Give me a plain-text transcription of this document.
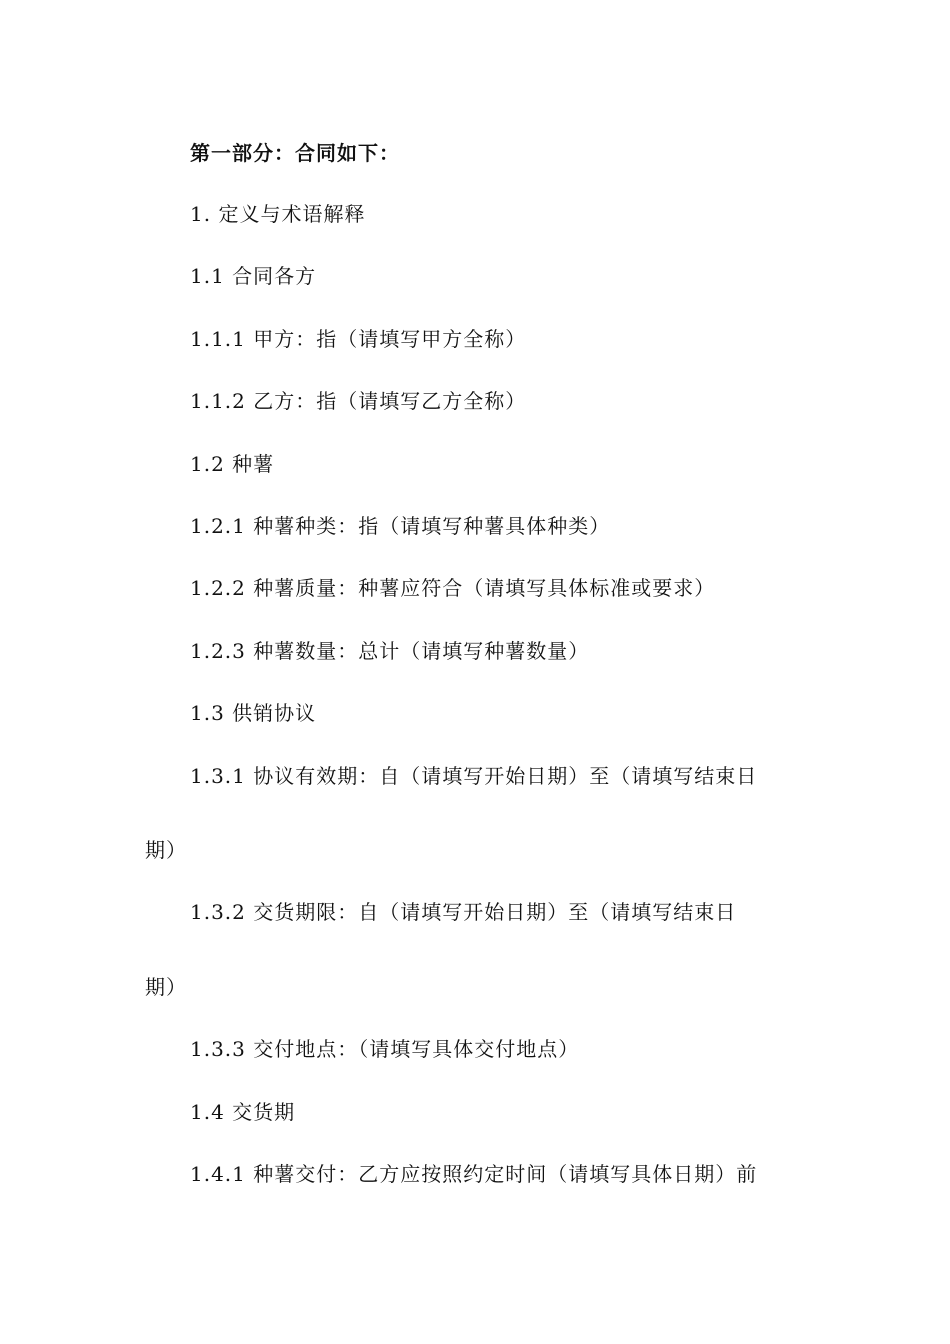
第一部分：合同如下：
1. 定义与术语解释
1.1 合同各方
1.1.1 甲方：指（请填写甲方全称）
1.1.2 乙方：指（请填写乙方全称）
1.2 种薯
1.2.1 种薯种类：指（请填写种薯具体种类）
1.2.2 种薯质量：种薯应符合（请填写具体标准或要求）
1.2.3 种薯数量：总计（请填写种薯数量）
1.3 供销协议
1.3.1 协议有效期：自（请填写开始日期）至（请填写结束日
期）
1.3.2 交货期限：自（请填写开始日期）至（请填写结束日
期）
1.3.3 交付地点：（请填写具体交付地点）
1.4 交货期
1.4.1 种薯交付：乙方应按照约定时间（请填写具体日期）前
